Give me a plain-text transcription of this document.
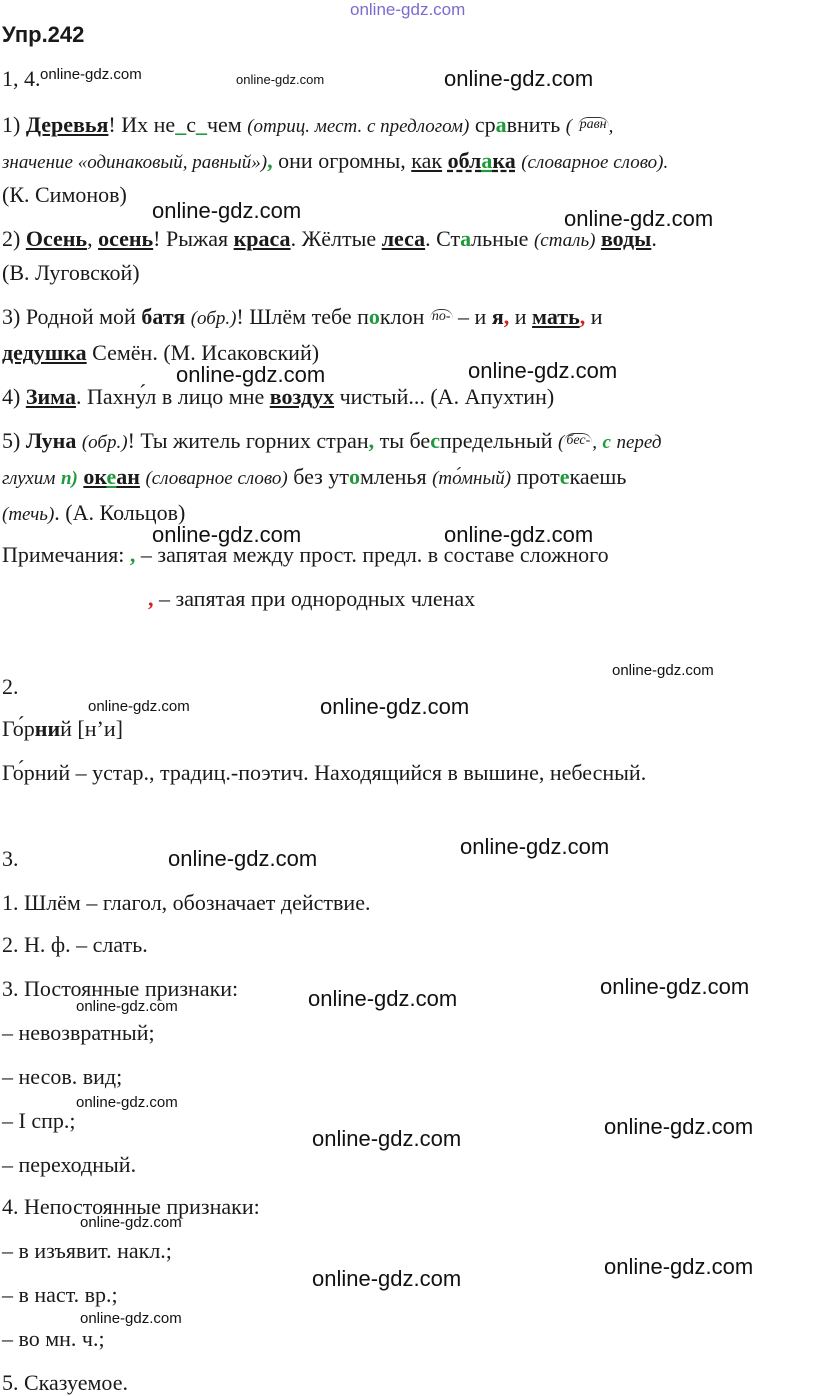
online-gdz.com
Упр.242
1, 4.
1) Деревья! Их не_с_чем (отриц. мест. с предлогом) сравнить ( равн ,
значение «одинаковый, равный»), они огромны, как облака (словарное слово).
(К. Симонов)
2) Осень, осень! Рыжая краса. Жёлтые леса. Стальные (сталь) воды.
(В. Луговской)
3) Родной мой батя (обр.)! Шлём тебе поклон по- – и я, и мать, и
дедушка Семён. (М. Исаковский)
4) Зима. Пахну́л в лицо мне воздух чистый... (А. Апухтин)
5) Луна (обр.)! Ты житель горних стран, ты беспредельный ( бес- , с перед
глухим п) океан (словарное слово) без утомленья (то́мный) протекаешь
(течь). (А. Кольцов)
Примечания: , – запятая между прост. предл. в составе сложного
, – запятая при однородных членах
2.
Го́рний [н’и]
Го́рний – устар., традиц.-поэтич. Находящийся в вышине, небесный.
3.
1. Шлём – глагол, обозначает действие.
2. Н. ф. – слать.
3. Постоянные признаки:
– невозвратный;
– несов. вид;
– I спр.;
– переходный.
4. Непостоянные признаки:
– в изъявит. накл.;
– в наст. вр.;
– во мн. ч.;
5. Сказуемое.
online-gdz.com	online-gdz.com	online-gdz.com
online-gdz.com	online-gdz.com
online-gdz.com	online-gdz.com
online-gdz.com	online-gdz.com
online-gdz.com
online-gdz.com	online-gdz.com
online-gdz.com
online-gdz.com
online-gdz.com
online-gdz.com
online-gdz.com
online-gdz.com
online-gdz.com
online-gdz.com
online-gdz.com
online-gdz.com
online-gdz.com
online-gdz.com
